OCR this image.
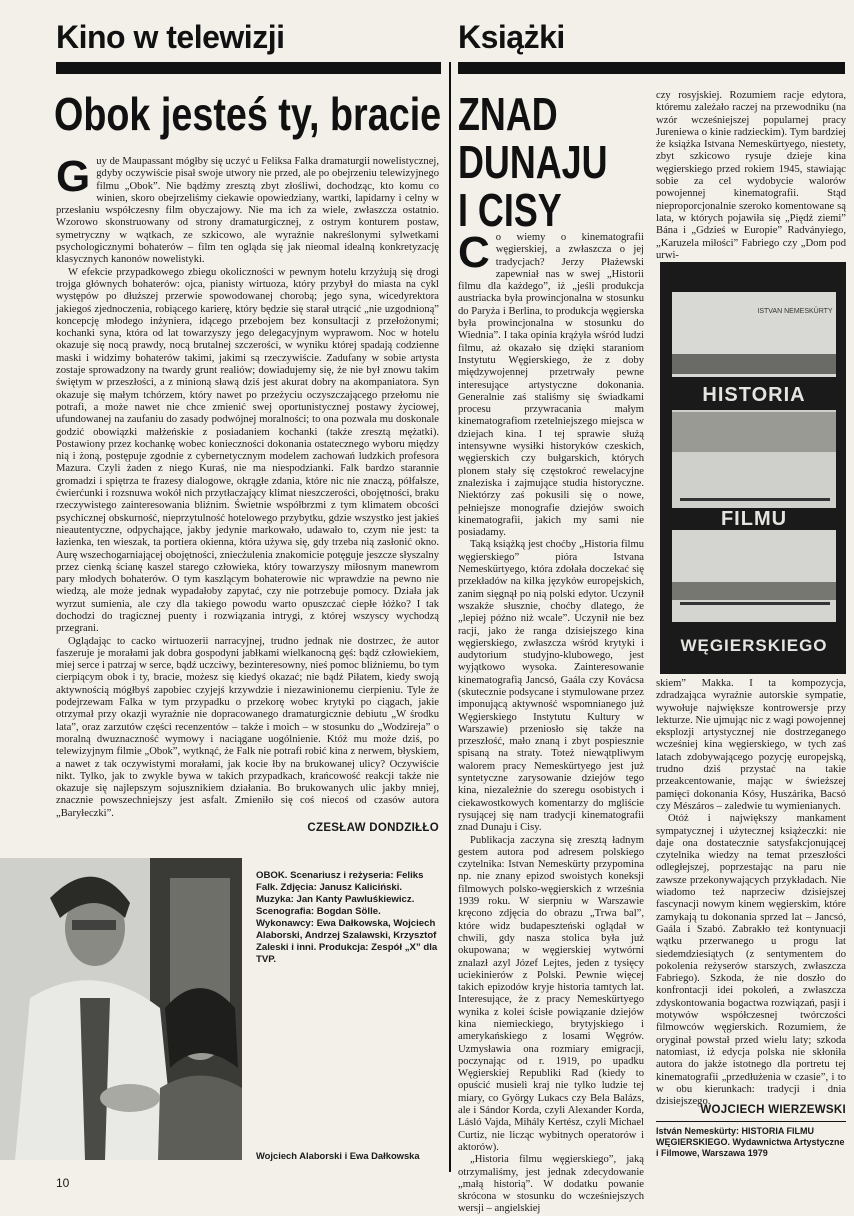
Kino w telewizji	Książki
Obok jesteś ty, bracie

Guy de Maupassant mógłby się uczyć u Feliksa Falka dramaturgii nowelistycznej, gdyby oczywiście pisał swoje utwory nie przed, ale po obejrzeniu telewizyjnego filmu „Obok”. Nie bądźmy zresztą zbyt złośliwi, dochodząc, kto komu co winien, skoro obejrzeliśmy ciekawie opowiedziany, wartki, lapidarny i celny w przesłaniu współczesny film obyczajowy. Nie ma ich za wiele, zwłaszcza ostatnio. Wzorowo skonstruowany od strony dramaturgicznej, z ostrym konturem postaw, symetryczny w wątkach, ze szkicowo, ale wyraźnie nakreślonymi sylwetkami psychologicznymi bohaterów – film ten ogląda się jak nieomal idealną konkretyzację klasycznych kanonów nowelistyki.

W efekcie przypadkowego zbiegu okoliczności w pewnym hotelu krzyżują się drogi trojga głównych bohaterów: ojca, pianisty wirtuoza, który przybył do miasta na cykl występów po dłuższej przerwie spowodowanej chorobą; jego syna, wicedyrektora jakiegoś zjednoczenia, robiącego karierę, który będzie się starał utrącić „nie uzgodnioną” koncepcję młodego inżyniera, idącego przebojem bez konsultacji z przełożonymi; kochanki syna, która od lat towarzyszy jego delegacyjnym wyprawom. Noc w hotelu okazuje się nocą prawdy, nocą brutalnej szczerości, w wyniku której spadają codzienne maski i widzimy bohaterów takimi, jakimi są rzeczywiście. Zadufany w sobie artysta zostaje sprowadzony na twardy grunt realiów; dowiadujemy się, że nie był znowu takim świętym w przeszłości, a z minioną sławą dziś jest akurat dobry na akompaniatora. Syn okazuje się małym tchórzem, który nawet po przeżyciu oczyszczającego przełomu nie potrafi, a może nawet nie chce zmienić swej oportunistycznej postawy życiowej, ufundowanej na zaufaniu do zasady podwójnej moralności; to ona pozwala mu doskonale godzić obowiązki małżeńskie z posiadaniem kochanki (także zresztą mężatki). Postawiony przez kochankę wobec konieczności dokonania ostatecznego wyboru między nią i żoną, postępuje zgodnie z cybernetycznym modelem zachowań ludzkich profesora Mazura. Czyli żaden z niego Kuraś, nie ma niespodzianki. Falk bardzo starannie gromadzi i spiętrza te frazesy dialogowe, okrągłe zdania, które nic nie znaczą, półfałsze, ćwierćunki i rozsnuwa wokół nich przytłaczający klimat nieszczerości, obojętności, braku rzeczywistego zainteresowania bliźnim. Świetnie współbrzmi z tym klimatem obcości psychicznej obskurność, nieprzytulność hotelowego przybytku, gdzie wszystko jest jakieś nieautentyczne, odpychające, jakby jedynie markowało, udawało to, czym nie jest: ta łazienka, ten wieszak, ta portiera okienna, która używa się, gdy trzeba nią zasłonić okno. Aurę wszechogarniającej obojętności, zniecżulenia znakomicie potęguje jeszcze słyszalny przez cienką ścianę kaszel starego człowieka, który towarzyszy miłosnym manewrom pary młodych bohaterów. O tym kaszlącym bohaterowie nic wprawdzie na pewno nie wiedzą, ale może jednak wypadałoby zapytać, czy nie potrzebuje pomocy. Działa jak wyrzut sumienia, ale czy dla takiego powodu warto opuszczać ciepłe łóżko? I tak dochodzi do tragicznej puenty i rozwiązania intrygi, z której wszyscy wychodzą przegrani.

Oglądając to cacko wirtuozerii narracyjnej, trudno jednak nie dostrzec, że autor faszeruje je morałami jak dobra gospodyni jabłkami wielkanocną gęś: bądź człowiekiem, miej serce i patrzaj w serce, bądź uczciwy, bezinteresowny, nieś pomoc bliźniemu, bo tym cierpiącym obok i ty, bracie, możesz się kiedyś okazać; nie bądź Piłatem, kiedy swoją aktywnością mógłbyś zapobiec czyjejś krzywdzie i niezawinionemu cierpieniu. Tyle że podejrzewam Falka w tym przypadku o przekorę wobec krytyki po ciągach, jakie otrzymał przy okazji wyraźnie nie dopracowanego dramaturgicznie debiutu „W środku lata”, oraz zarzutów części recenzentów – także i moich – w stosunku do „Wodzireja” o moralną dwuznaczność wymowy i naciągane uogólnienie. Któż mu może dziś, po telewizyjnym filmie „Obok”, wytknąć, że Falk nie potrafi robić kina z nerwem, błyskiem, a nawet z tak oczywistymi morałami, jak kocie łby na brukowanej ulicy? Oczywiście nikt. Tylko, jak to zwykle bywa w takich przypadkach, krańcowość reakcji także nie okazuje się najlepszym sojusznikiem działania. Bo brukowanych ulic jakby mniej, znacznie powszechniejszy jest asfalt. Zmieniło się coś niecoś od czasów autora „Baryłeczki”.

CZESŁAW DONDZIŁŁO
OBOK. Scenariusz i reżyseria: Feliks Falk. Zdjęcia: Janusz Kaliciński. Muzyka: Jan Kanty Pawluśkiewicz. Scenografia: Bogdan Sölle. Wykonawcy: Ewa Dałkowska, Wojciech Alaborski, Andrzej Szalawski, Krzysztof Zaleski i inni. Produkcja: Zespół „X” dla TVP.
Wojciech Alaborski i Ewa Dałkowska
10
ZNAD
DUNAJU
I CISY

Co wiemy o kinematografii węgierskiej, a zwłaszcza o jej tradycjach? Jerzy Płażewski zapewniał nas w swej „Historii filmu dla każdego”, iż „jeśli produkcja austriacka była prowincjonalna w stosunku do Paryża i Berlina, to produkcja węgierska była prowincjonalna w stosunku do Wiednia”. I taka opinia krążyła wśród ludzi filmu, aż okazało się dzięki staraniom Instytutu Węgierskiego, że z doby międzywojennej przetrwały pewne interesujące artystyczne dokonania. Generalnie zaś staliśmy się świadkami procesu przywracania małym kinematografiom rzetelniejszego miejsca w dziejach kina. I tej sprawie służą intensywne wysiłki historyków czeskich, węgierskich czy bułgarskich, których plonem stały się częstokroć rewelacyjne znaleziska i zajmujące studia historyczne. Niektórzy zaś pokusili się o nowe, pełniejsze monografie dziejów swoich kinematografii, jakich my sami nie posiadamy.

Taką książką jest choćby „Historia filmu węgierskiego” pióra Istvana Nemeskürtyego, która zdołała doczekać się przekładów na kilka języków europejskich, zanim sięgnął po nią polski edytor. Uczynił wszakże słusznie, choćby dlatego, że „lepiej późno niż wcale”. Uczynił nie bez racji, jako że ranga dzisiejszego kina węgierskiego, zwłaszcza wśród krytyki i audytorium studyjno-klubowego, jest wyjątkowo wysoka. Zainteresowanie kinematografią Jancsó, Gaála czy Kovácsa (skutecznie podsycane i stymulowane przez imponującą aktywność wspomnianego już Węgierskiego Instytutu Kultury w Warszawie) przeniosło się także na przeszłość, mało znaną i zbyt pospiesznie spisaną na straty. Toteż niewątpliwym walorem pracy Nemeskürtyego jest już syntetyczne zarysowanie dziejów tego kina, niezależnie do szeregu osobistych i ciekawostkowych komentarzy do mgliście rysującej się nam tradycji kinematografii znad Dunaju i Cisy.

Publikacja zaczyna się zresztą ładnym gestem autora pod adresem polskiego czytelnika: Istvan Nemeskürty przypomina np. nie znany epizod swoistych koneksji filmowych polsko-węgierskich z września 1939 roku. W sierpniu w Warszawie kręcono zdjęcia do obrazu „Trwa bal”, które widz budapeszteński oglądał w chwili, gdy nasza stolica była już okupowana; w węgierskiej wytwórni znalazł azyl Józef Lejtes, jeden z tysięcy uciekinierów z Polski. Pewnie więcej takich epizodów kryje historia tamtych lat. Interesujące, że z pracy Nemeskürtyego wynika z kolei ścisłe powiązanie dziejów kina niemieckiego, brytyjskiego i amerykańskiego z losami Węgrów. Uzmysławia ona rozmiary emigracji, poczynając od r. 1919, po upadku Węgierskiej Republiki Rad (kiedy to opuścić musieli kraj nie tylko ludzie tej miary, co György Lukacs czy Bela Balázs, ale i Sándor Korda, czyli Alexander Korda, Lásló Vajda, Mihály Kertész, czyli Michael Curtiz, nie licząc wybitnych operatorów i aktorów).

„Historia filmu węgierskiego”, jaką otrzymaliśmy, jest jednak zdecydowanie „małą historią”. W dodatku powanie skrócona w stosunku do wcześniejszych wersji – angielskiej

czy rosyjskiej. Rozumiem racje edytora, któremu zależało raczej na przewodniku (na wzór wcześniejszej popularnej pracy Jureniewa o kinie radzieckim). Tym bardziej że książka Istvana Nemeskürtyego, niestety, zbyt szkicowo rysuje dzieje kina węgierskiego przed rokiem 1945, stawiając sobie za cel wydobycie walorów powojennej kinematografii. Stąd nieproporcjonalnie szeroko komentowane są lata, w których pojawiła się „Piędź ziemi” Bána i „Gdzieś w Europie” Radványiego, „Karuzela miłości” Fabriego czy „Dom pod urwi-

ISTVAN NEMESKÜRTY
HISTORIA
FILMU
WĘGIERSKIEGO

skiem” Makka. I ta kompozycja, zdradzająca wyraźnie autorskie sympatie, wywołuje największe kontrowersje przy lekturze. Nie ujmując nic z wagi powojennej eksplozji artystycznej nie dostrzeganego wcześniej kina węgierskiego, w tych zaś latach zdobywającego pozycję europejską, trudno dziś przystać na takie przeakcentowanie, mając w świeższej pamięci dokonania Kósy, Huszárika, Bacsó czy Mészáros – zaledwie tu wymienianych.

Otóż i największy mankament sympatycznej i użytecznej książeczki: nie daje ona dostatecznie satysfakcjonującej czytelnika wiedzy na temat przeszłości odległejszej, poprzestając na paru nie zawsze przekonywających przykładach. Nie wiadomo też naprzeciw dzisiejszej fascynacji nowym kinem węgierskim, które zamykają tu dokonania sprzed lat – Jancsó, Gaála i Szabó. Zabrakło też kontynuacji wątku przerwanego u progu lat siedemdziesiątych (z sentymentem do pokolenia reżyserów starszych, zwłaszcza Fabriego). Szkoda, że nie doszło do konfrontacji idei pokoleń, a zwłaszcza zdyskontowania bogactwa rozwiązań, pasji i motywów współczesnej twórczości filmowców węgierskich. Rozumiem, że oryginał powstał przed wielu laty; szkoda natomiast, iż edycja polska nie skłoniła autora do jakże istotnego dla portretu tej kinematografii „przedłużenia w czasie”, i to w obu kierunkach: tradycji i dnia dzisiejszego.

WOJCIECH WIERZEWSKI
István Nemeskürty: HISTORIA FILMU WĘGIERSKIEGO. Wydawnictwa Artystyczne i Filmowe, Warszawa 1979
